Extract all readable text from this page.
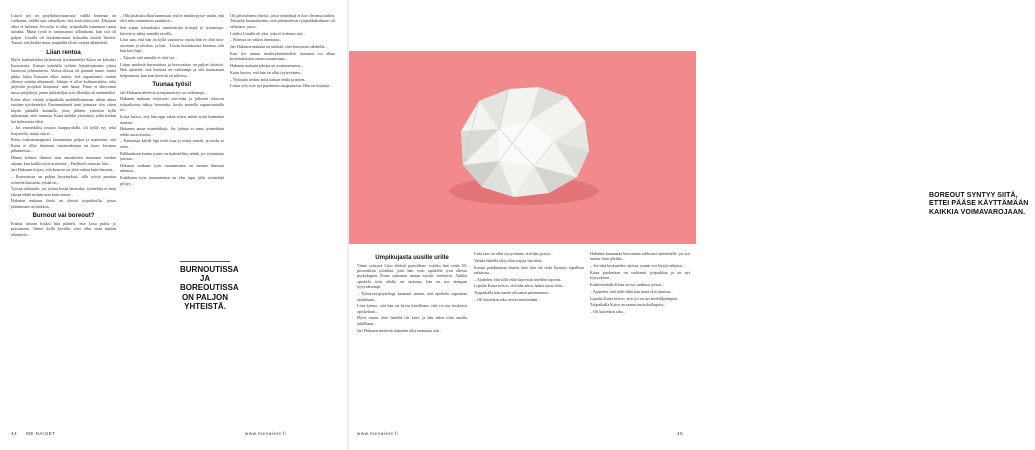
Liisa'n työ on projektikoostumista: välillä hommaa on vaihtunut, välillä taas odotellaan, että asiat etäisyyttä. Aikojaan alkoi ei haluttaa. Jos tulisi ei ollut, työpaikalla istuminen tuntui turhalta. Mutta työtä ei tunnustanut silloinkaan, kun sitä oli paljon. Liisalla oli houkittuvuutta kokoaika taisteli hävetti. Tuntui, että kaikki muut ympärillä olivat niistää allanteleki.

Liian rentoa

Myös kulttuurialan järjestössä työskennellyt Kaisa on kärsinyt boreoutista. Kaisan kuhdalla työhön leijatiivyminen johtui huonosta johtamisesta. Alussa tilassa oli päinsen tunne, mutta pikku hiljaa Kaisasta alkoi tuntua, että organisaatio suunni olleesti mitään aikaansek. Johtaja ei ollut kulttuurialalta, eikä järjestön projektit kiinnosta- neet häntä. Pomo ei aktivoinut uusia projekteja, jonne pikkuhiljaa työt olleenkä oli enämmäksi.

Kaisa alkoi viettää työpaikalla mahdollisimman vähän aikaa esittäen työskentelyä. Ensimmäisenä tunti jatsettaa- tiin, sitten käytin päikällä kunnalla, josta jälkeen yritettiin kyllä tutkomaan, ettei tunnistu. Kaisa kadehti ystävänsä, joilla ketään hoi huhtinutta olitsi.

– Jos esimerkiksi jossain kauppa-alalla, oli kyllä syy sekä harjoitella, mutta sitä ei...

Pomo mikromanagerasi kiusaamista paljon ja mainittiin, että Kaisa ei ollut ilmaissut tuntemuksiaan tai luon- kevansa pilkanteista...

Hänen kolmas ihmiset niin sanoakseen muutama vuoden aikana, kun kaikki taisivat miettiä – Facebook statusta- kiin...

Jari Hakanen kirjasi, että boreout on yhtä vaikea kuin burnout...

– Boreoutissa on paljon kysymyksiä, sillä työstä puuttuu riittävää haastetta, tylsää on...

Työssä tarkastelu, jos työssä kesää lattetuksi, työntekijä ei enää jaksaa tehdä mitään niin kuin ennen...

Hakasen mukaan ilmiö on yleistä työpaikoilla, joissa johtaminen on heikkoa...

Burnout vai boreout?

Eräänä tiistain lisäksi hän päätteli, että Liisa puhui jo poisumaan. Tuntui kyllä hyvältä, ettei ollut enää mitään tekemistä...

– Olla pitäisiksi ihan tunnustaa, että ei mitään pysty- mään, että olisi niin osaamiseni puuttuvat...

Sen sijaan työtaakoksi tunnistettuja kriisejä ja työnantaja- kiirettä ei nähty samalla tavalla...

Liisa taas, että hän on kyllä sanottava: mutta hän ei ollut tasa-arvoinen ja arvokas, ja hän... Liisan kuvauksesta huomaa, että hän kävi läpi...

– Tajusin, että minulle ei riitä työ...

Liisan mielestä burnoutissa ja boreoutissa on paljon yhteistä. Hän ajattelee, että burnout on vaikeampi ja sitä huomataan helpommin, kun taas boreout on piilossa...

Tuunaa työsi!

Jari Hakasen mielestä työnymmärrys on vaikeampi...

Hakasen mukaan erityisesti sote-alan ja julkisen sektorin työpaikoissa näkyy boreoutia, koska monella organisaatiolla ei...

Kaisa kertoo, että hän oppi aikaa sitten, miten työtä kannattaa tuunata...

Hakanen antaa esimerkkejä: Jos johtaja ei anna työntekijän tehdä uusia asioita...

– Kannattaa käydä läpi mitä osaa ja mistä nauttii, ja tuoda se esiin...

Palkkauksen kautta jotain on mahdollista tehdä, jos työnantaja joustaa...

Hakasen mukaan työn tuunaaminen on monen ihmisen ratkaisu...

Kaikkiaan työn tuunaaminen on yksi tapa, jolla työntekijä pystyy...

Oli päivittäinen yhteisö, jossa työntekijä ei koe olevansa tärkeä. Toisaalta huomautettiin, että pinnistelevät työpaikkakulttuuri oli sellainen, jossa...

Lisäksi Liisalla oli yksi, joka ei kokenut sitä...

– Boreout on vaikea tunnistaa...

Jari Hakasen mukaan on tärkeää, ettei boreoutia vähätellä...

Kun työ tuntuu merkityksettömältä, ihminen voi alkaa kyseenalaistaa omaa osaamistaan...

Hakasen mukaan johtaja on avainasemassa...

Kaisa kertoo, että hän on ollut tyytyväinen...

– Nykyään tiedän, mitä haluan tehdä ja miten...

Liisan työt ovat nyt paremmin tasapainossa. Hän on löytänyt...

BURNOUTISSA JA BOREOUTISSA ON PALJON YHTEISTÄ.
BOREOUT SYNTYY SIITÄ, ETTEI PÄÄSE KÄYTTÄMÄÄN KAIKKIA VOIMAVAROJAAN.
Umpikujasta uusille urille

Viime syksynä Liisa ehdotti pomolleen, voisiko hän vetää 50-prosenttista työaikaa, jotta hän voisi opiskella työn ohessa psykologiaa. Pomo suhtautui asiaan myötä- mielisesti. Vaikka opiskelu työn ohella on raskasta, hän on nyt aiempaa tyytyväisempi.

– Työterveyspsykologi kannusti minua, että opiskelu vapauttaa ajatteluani...

Liisa kertoo, että hän on hyvin kiitollinen, että voi nyt keskittyä opiskeluun...

Myös tuntui, ettei hänellä ole kiire, ja hän tekee töitä omalla tahdillaan...

Jari Hakasen mielestä tärkeintä olisi tunnistaa sitä...

Liisa taas on ollut tyytyväinen, että hän pystyy...

Vaikka hänellä olisi ollut tarjota sitä mitä...

Kaisan pohdinnasta ilmeni, ettei hän ole vielä löytänyt lopullista ratkaisua...

– Ajattelen, että sillä välin kun etsin itselleni sopivaa...

Lopulta Kaisa kertoo, että hän aikoo hakea uusia töitä...

Työpaikalla hän tuntee olevansa paremmassa...

– Oli kuitenkin aika ruveta miettimään...

Hakanen kannustaa kertomaan rohkeasti esimiehelle, jos työ tuntuu liian tylsältä...

– Jos siitä keskustelee ajoissa, asiaan voi löytyä ratkaisu...

Kaisa puolestaan on vaihtanut työpaikkaa ja on nyt tyytyväinen...

Kulttuurialalla Kaisa on nyt uudessa työssä...

– Ajattelen, että sillä välin kun minä olin jumissa...

Lopulta Kaisa kertoo, että työ on nyt mielekkäämpää...

Työpaikalla Kaisa on saanut uusia kollegoita...

– Oli kuitenkin aika...

44 ME NAISET	www.menaiset.fi	www.menaiset.fi	45
